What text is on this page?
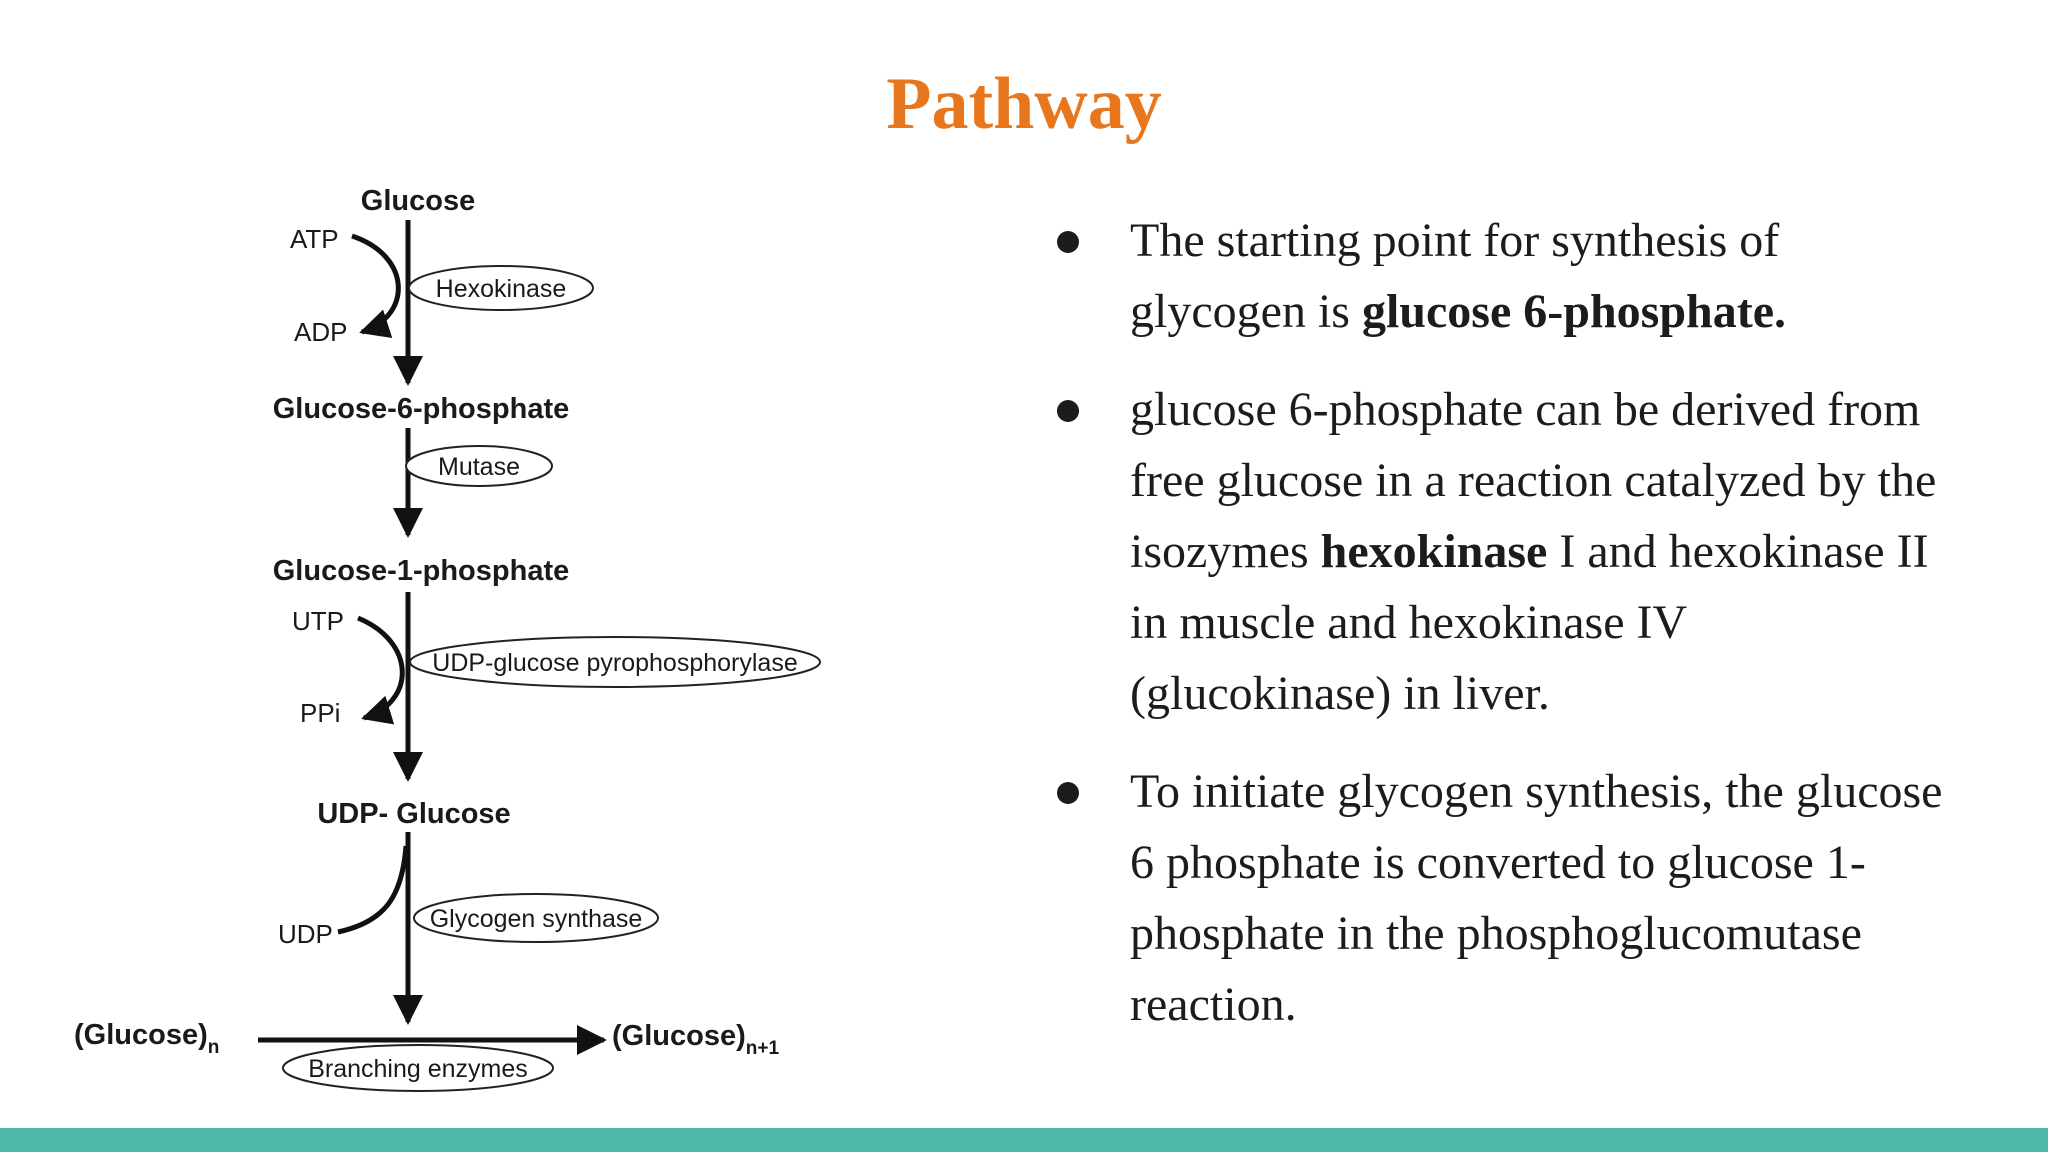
Pathway
Glucose
Glucose-6-phosphate
Glucose-1-phosphate
UDP- Glucose
ATP
ADP
UTP
PPi
UDP
Hexokinase
Mutase
UDP-glucose pyrophosphorylase
Glycogen synthase
$(Glucose)_n$	$(Glucose)_{n+1}$
Branching enzymes
The starting point for synthesis of glycogen is glucose 6-phosphate.
glucose 6-phosphate can be derived from free glucose in a reaction catalyzed by the isozymes hexokinase I and hexokinase II in muscle and hexokinase IV (glucokinase) in liver.
To initiate glycogen synthesis, the glucose 6 phosphate is converted to glucose 1-phosphate in the phosphoglucomutase reaction.
